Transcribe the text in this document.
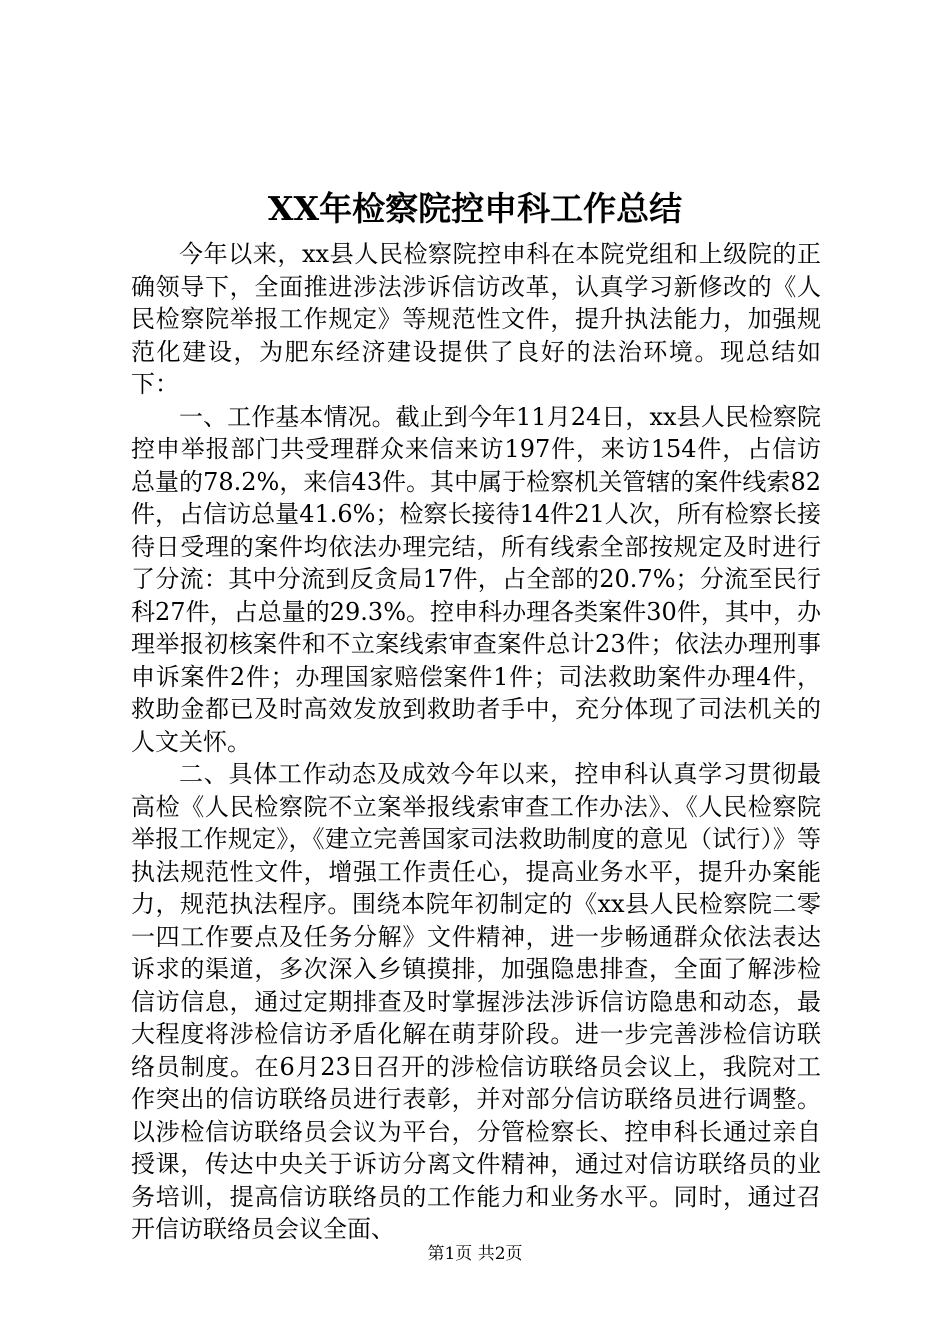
XX年检察院控申科工作总结

今年以来，xx县人民检察院控申科在本院党组和上级院的正确领导下，全面推进涉法涉诉信访改革，认真学习新修改的《人民检察院举报工作规定》等规范性文件，提升执法能力，加强规范化建设，为肥东经济建设提供了良好的法治环境。现总结如下：

一、工作基本情况。截止到今年11月24日，xx县人民检察院控申举报部门共受理群众来信来访197件，来访154件，占信访总量的78.2%，来信43件。其中属于检察机关管辖的案件线索82件，占信访总量41.6%；检察长接待14件21人次，所有检察长接待日受理的案件均依法办理完结，所有线索全部按规定及时进行了分流：其中分流到反贪局17件，占全部的20.7%；分流至民行科27件，占总量的29.3%。控申科办理各类案件30件，其中，办理举报初核案件和不立案线索审查案件总计23件；依法办理刑事申诉案件2件；办理国家赔偿案件1件；司法救助案件办理4件，救助金都已及时高效发放到救助者手中，充分体现了司法机关的人文关怀。

二、具体工作动态及成效今年以来，控申科认真学习贯彻最高检《人民检察院不立案举报线索审查工作办法》、《人民检察院举报工作规定》，《建立完善国家司法救助制度的意见（试行）》等执法规范性文件，增强工作责任心，提高业务水平，提升办案能力，规范执法程序。围绕本院年初制定的《xx县人民检察院二零一四工作要点及任务分解》文件精神，进一步畅通群众依法表达诉求的渠道，多次深入乡镇摸排，加强隐患排查，全面了解涉检信访信息，通过定期排查及时掌握涉法涉诉信访隐患和动态，最大程度将涉检信访矛盾化解在萌芽阶段。进一步完善涉检信访联络员制度。在6月23日召开的涉检信访联络员会议上，我院对工作突出的信访联络员进行表彰，并对部分信访联络员进行调整。以涉检信访联络员会议为平台，分管检察长、控申科长通过亲自授课，传达中央关于诉访分离文件精神，通过对信访联络员的业务培训，提高信访联络员的工作能力和业务水平。同时，通过召开信访联络员会议全面、

第1页 共2页
